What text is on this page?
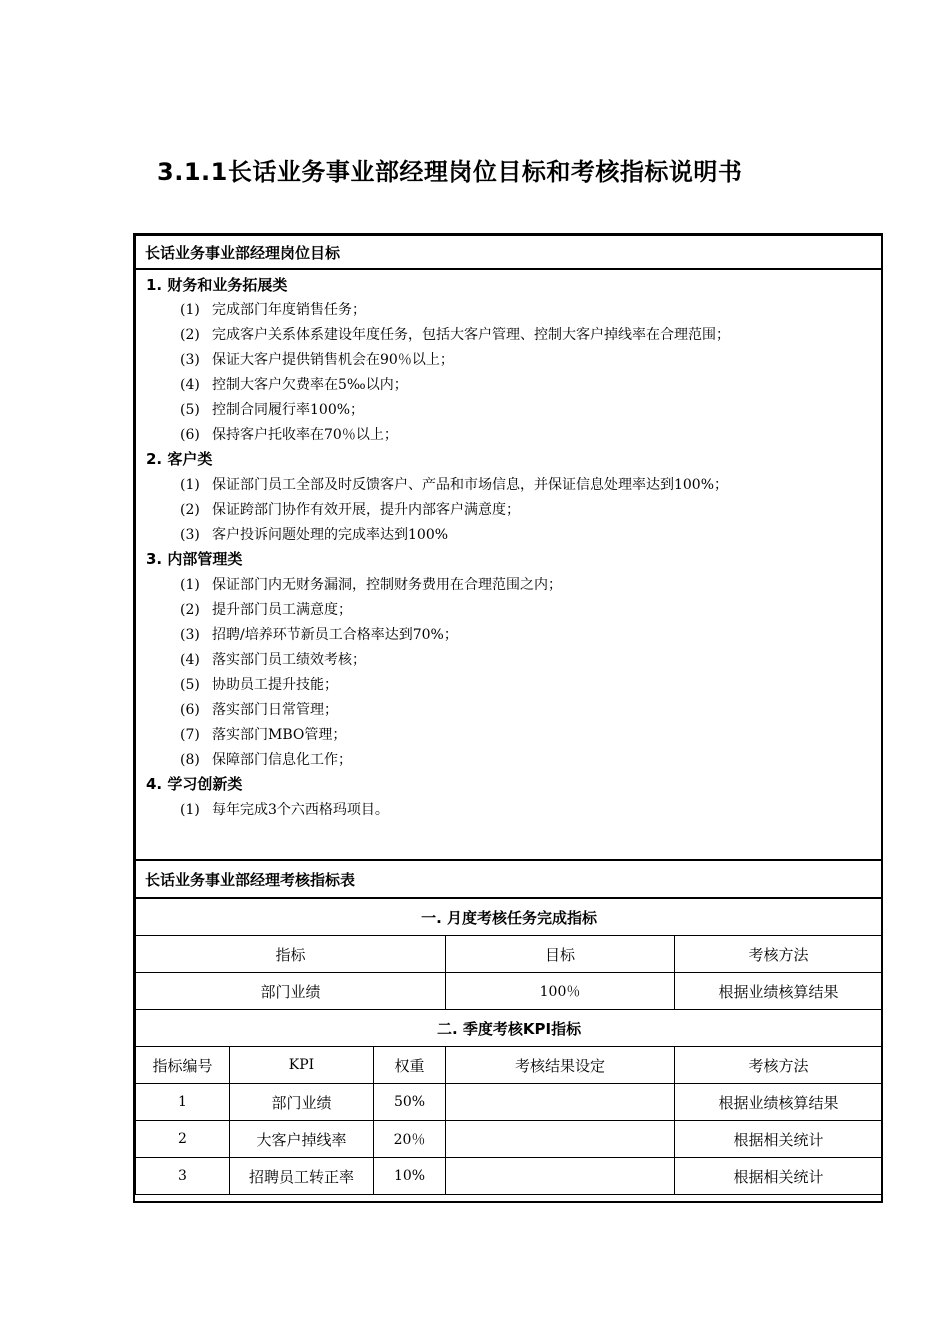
3.1.1长话业务事业部经理岗位目标和考核指标说明书
长话业务事业部经理岗位目标
1. 财务和业务拓展类
(1) 完成部门年度销售任务；
(2) 完成客户关系体系建设年度任务，包括大客户管理、控制大客户掉线率在合理范围；
(3) 保证大客户提供销售机会在90％以上；
(4) 控制大客户欠费率在5‰以内；
(5) 控制合同履行率100%；
(6) 保持客户托收率在70％以上；
2. 客户类
(1) 保证部门员工全部及时反馈客户、产品和市场信息，并保证信息处理率达到100%；
(2) 保证跨部门协作有效开展，提升内部客户满意度；
(3) 客户投诉问题处理的完成率达到100%
3. 内部管理类
(1) 保证部门内无财务漏洞，控制财务费用在合理范围之内；
(2) 提升部门员工满意度；
(3) 招聘/培养环节新员工合格率达到70%；
(4) 落实部门员工绩效考核；
(5) 协助员工提升技能；
(6) 落实部门日常管理；
(7) 落实部门MBO管理；
(8) 保障部门信息化工作；
4. 学习创新类
(1) 每年完成3个六西格玛项目。
长话业务事业部经理考核指标表
一. 月度考核任务完成指标				
指标			目标	考核方法
部门业绩			100％	根据业绩核算结果
二. 季度考核KPI指标				
指标编号	KPI	权重	考核结果设定	考核方法
1	部门业绩	50%		根据业绩核算结果
2	大客户掉线率	20％		根据相关统计
3	招聘员工转正率	10%		根据相关统计
